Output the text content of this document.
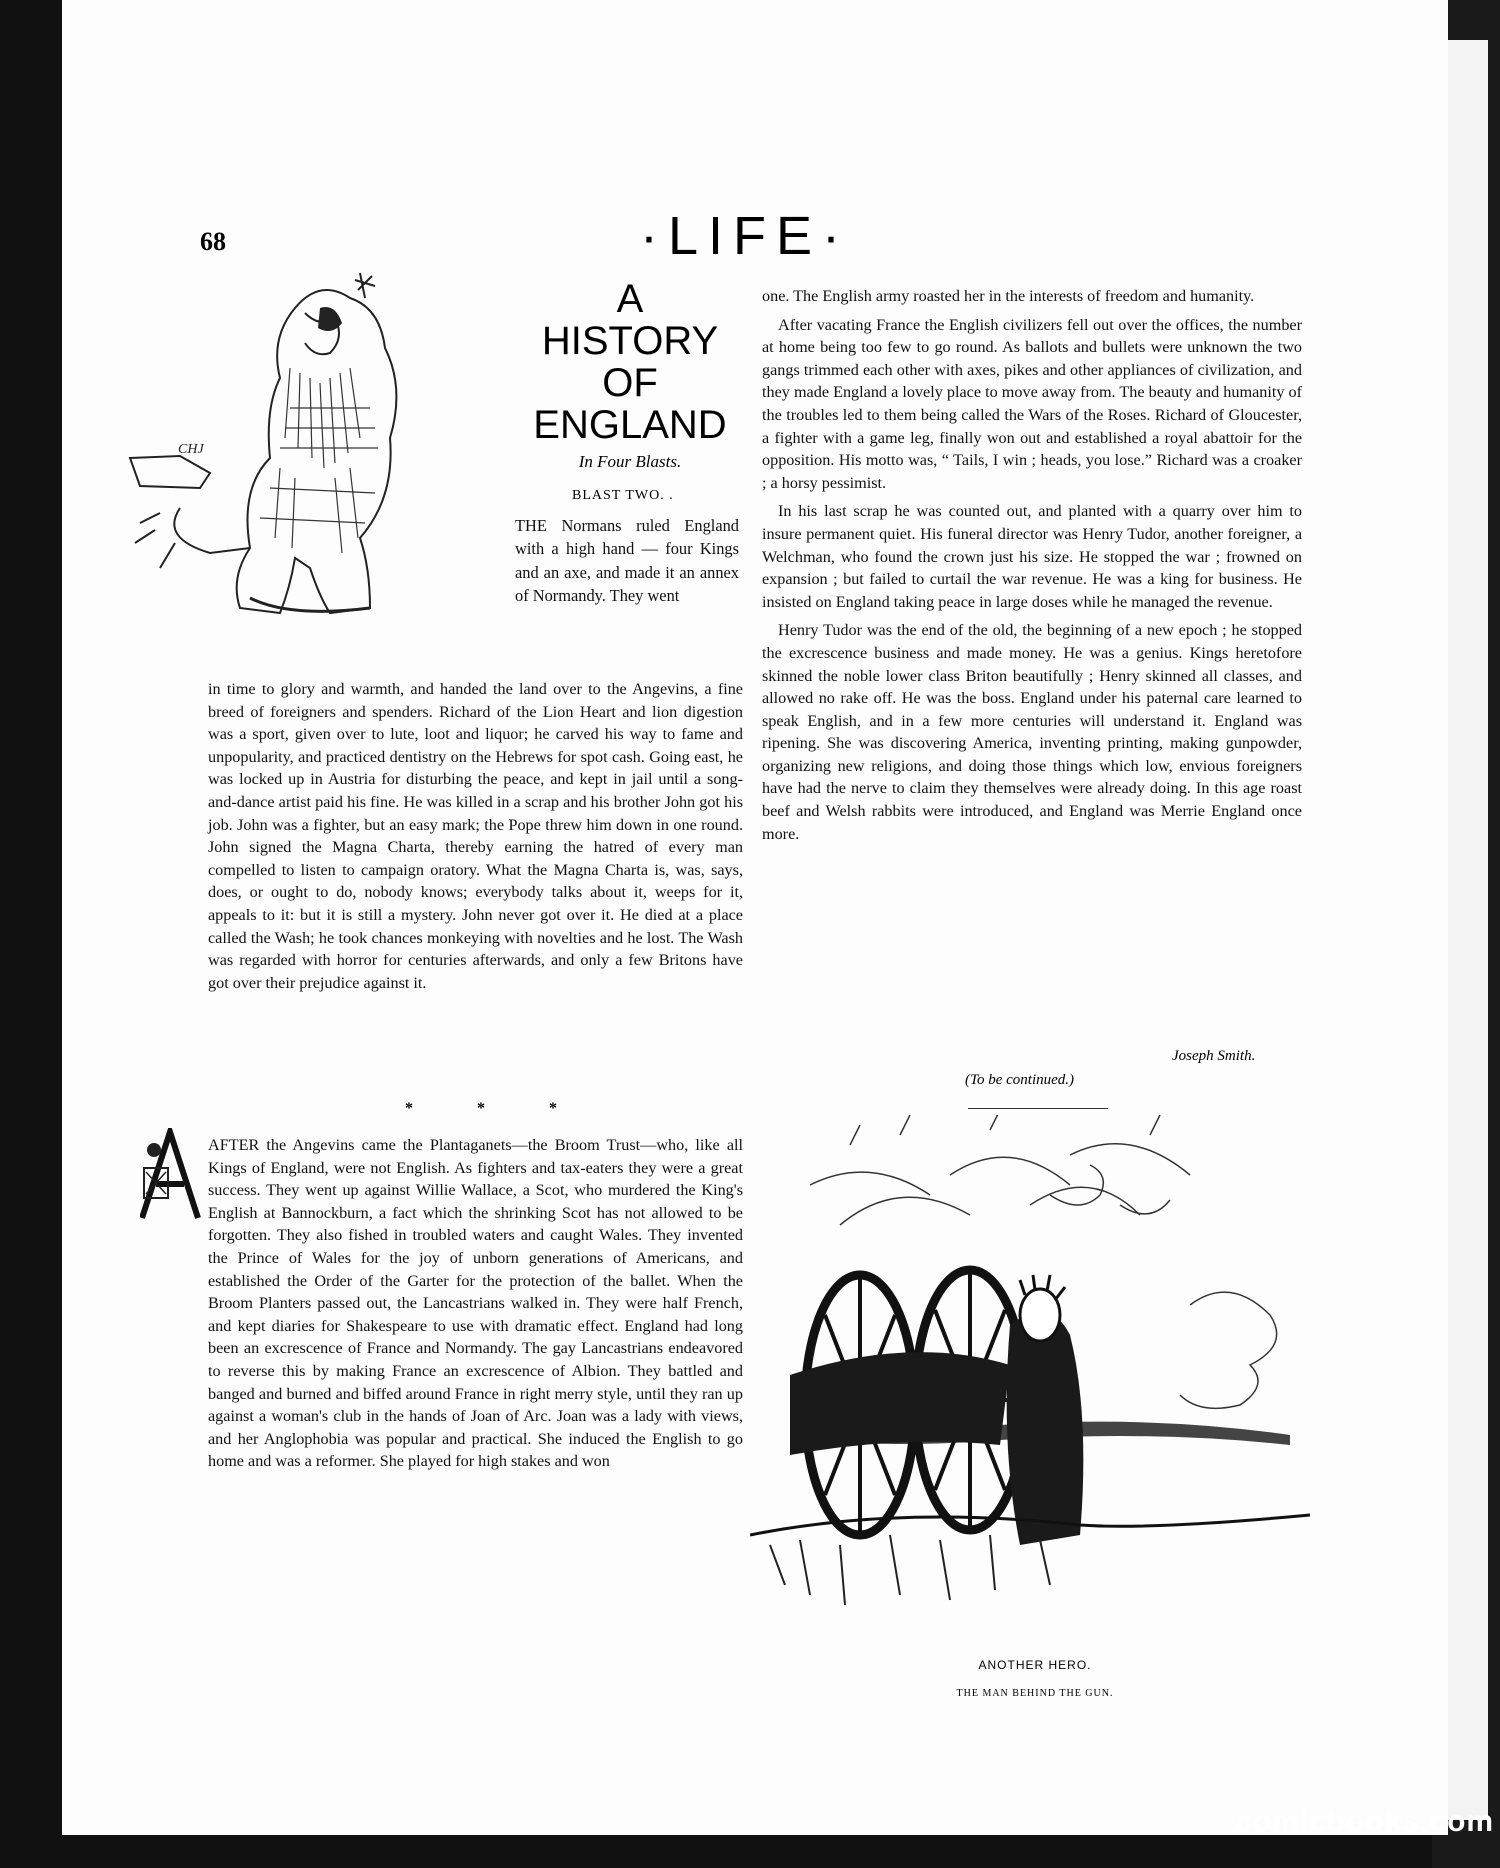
68	·LIFE·
CHJ
A
HISTORY
OF
ENGLAND
In Four Blasts.
BLAST TWO. .
THE Normans ruled England with a high hand — four Kings and an axe, and made it an annex of Normandy. They went
in time to glory and warmth, and handed the land over to the Angevins, a fine breed of foreigners and spenders. Richard of the Lion Heart and lion digestion was a sport, given over to lute, loot and liquor; he carved his way to fame and unpopularity, and practiced dentistry on the Hebrews for spot cash. Going east, he was locked up in Austria for disturbing the peace, and kept in jail until a song-and-dance artist paid his fine. He was killed in a scrap and his brother John got his job. John was a fighter, but an easy mark; the Pope threw him down in one round. John signed the Magna Charta, thereby earning the hatred of every man compelled to listen to campaign oratory. What the Magna Charta is, was, says, does, or ought to do, nobody knows; everybody talks about it, weeps for it, appeals to it: but it is still a mystery. John never got over it. He died at a place called the Wash; he took chances monkeying with novelties and he lost. The Wash was regarded with horror for centuries afterwards, and only a few Britons have got over their prejudice against it.
* * *
AFTER the Angevins came the Plantaganets—the Broom Trust—who, like all Kings of England, were not English. As fighters and tax-eaters they were a great success. They went up against Willie Wallace, a Scot, who murdered the King's English at Bannockburn, a fact which the shrinking Scot has not allowed to be forgotten. They also fished in troubled waters and caught Wales. They invented the Prince of Wales for the joy of unborn generations of Americans, and established the Order of the Garter for the protection of the ballet. When the Broom Planters passed out, the Lancastrians walked in. They were half French, and kept diaries for Shakespeare to use with dramatic effect. England had long been an excrescence of France and Normandy. The gay Lancastrians endeavored to reverse this by making France an excrescence of Albion. They battled and banged and burned and biffed around France in right merry style, until they ran up against a woman's club in the hands of Joan of Arc. Joan was a lady with views, and her Anglophobia was popular and practical. She induced the English to go home and was a reformer. She played for high stakes and won

one. The English army roasted her in the interests of freedom and humanity.

After vacating France the English civilizers fell out over the offices, the number at home being too few to go round. As ballots and bullets were unknown the two gangs trimmed each other with axes, pikes and other appliances of civilization, and they made England a lovely place to move away from. The beauty and humanity of the troubles led to them being called the Wars of the Roses. Richard of Gloucester, a fighter with a game leg, finally won out and established a royal abattoir for the opposition. His motto was, “ Tails, I win ; heads, you lose.” Richard was a croaker ; a horsy pessimist.

In his last scrap he was counted out, and planted with a quarry over him to insure permanent quiet. His funeral director was Henry Tudor, another foreigner, a Welchman, who found the crown just his size. He stopped the war ; frowned on expansion ; but failed to curtail the war revenue. He was a king for business. He insisted on England taking peace in large doses while he managed the revenue.

Henry Tudor was the end of the old, the beginning of a new epoch ; he stopped the excrescence business and made money. He was a genius. Kings heretofore skinned the noble lower class Briton beautifully ; Henry skinned all classes, and allowed no rake off. He was the boss. England under his paternal care learned to speak English, and in a few more centuries will understand it. England was ripening. She was discovering America, inventing printing, making gunpowder, organizing new religions, and doing those things which low, envious foreigners have had the nerve to claim they themselves were already doing. In this age roast beef and Welsh rabbits were introduced, and England was Merrie England once more.

Joseph Smith.
(To be continued.)
ANOTHER HERO.
THE MAN BEHIND THE GUN.
comicbooks.com
